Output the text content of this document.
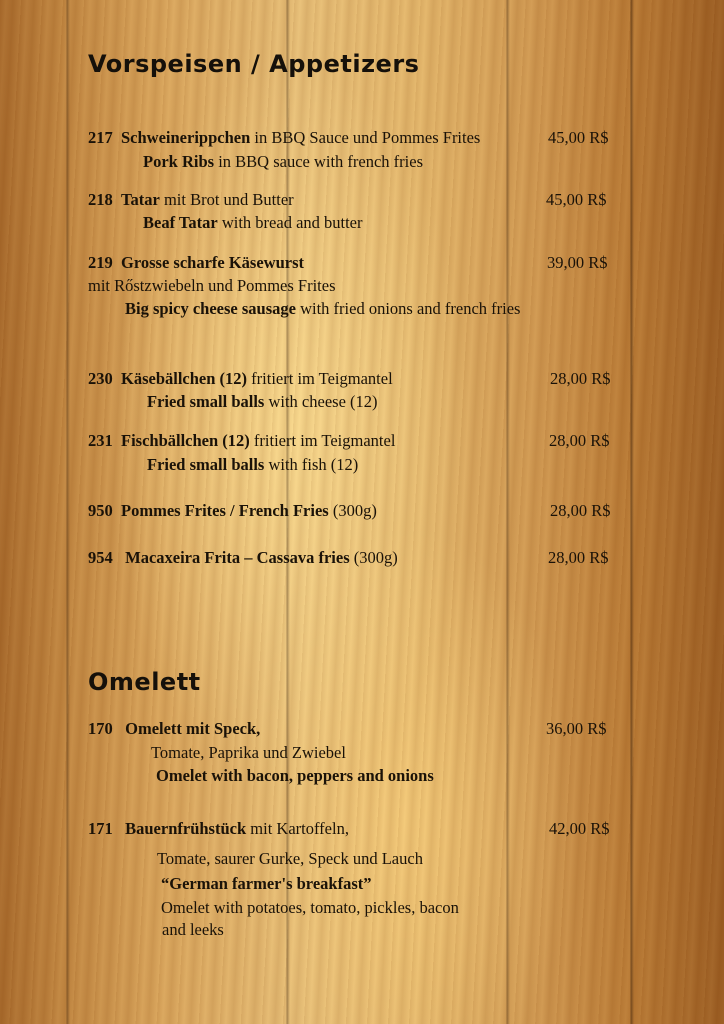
Vorspeisen / Appetizers
217 Schweinerippchen in BBQ Sauce und Pommes Frites	45,00 R$
Pork Ribs in BBQ sauce with french fries
218 Tatar mit Brot und Butter	45,00 R$
Beaf Tatar with bread and butter
219 Grosse scharfe Käsewurst	39,00 R$
mit Rőstzwiebeln und Pommes Frites
Big spicy cheese sausage with fried onions and french fries
230 Käsebällchen (12) fritiert im Teigmantel	28,00 R$
Fried small balls with cheese (12)
231 Fischbällchen (12) fritiert im Teigmantel	28,00 R$
Fried small balls with fish (12)
950 Pommes Frites / French Fries (300g)	28,00 R$
954 Macaxeira Frita – Cassava fries (300g)	28,00 R$
Omelett
170 Omelett mit Speck,	36,00 R$
Tomate, Paprika und Zwiebel
Omelet with bacon, peppers and onions
171 Bauernfrühstück mit Kartoffeln,	42,00 R$
Tomate, saurer Gurke, Speck und Lauch
“German farmer's breakfast”
Omelet with potatoes, tomato, pickles, bacon
and leeks
